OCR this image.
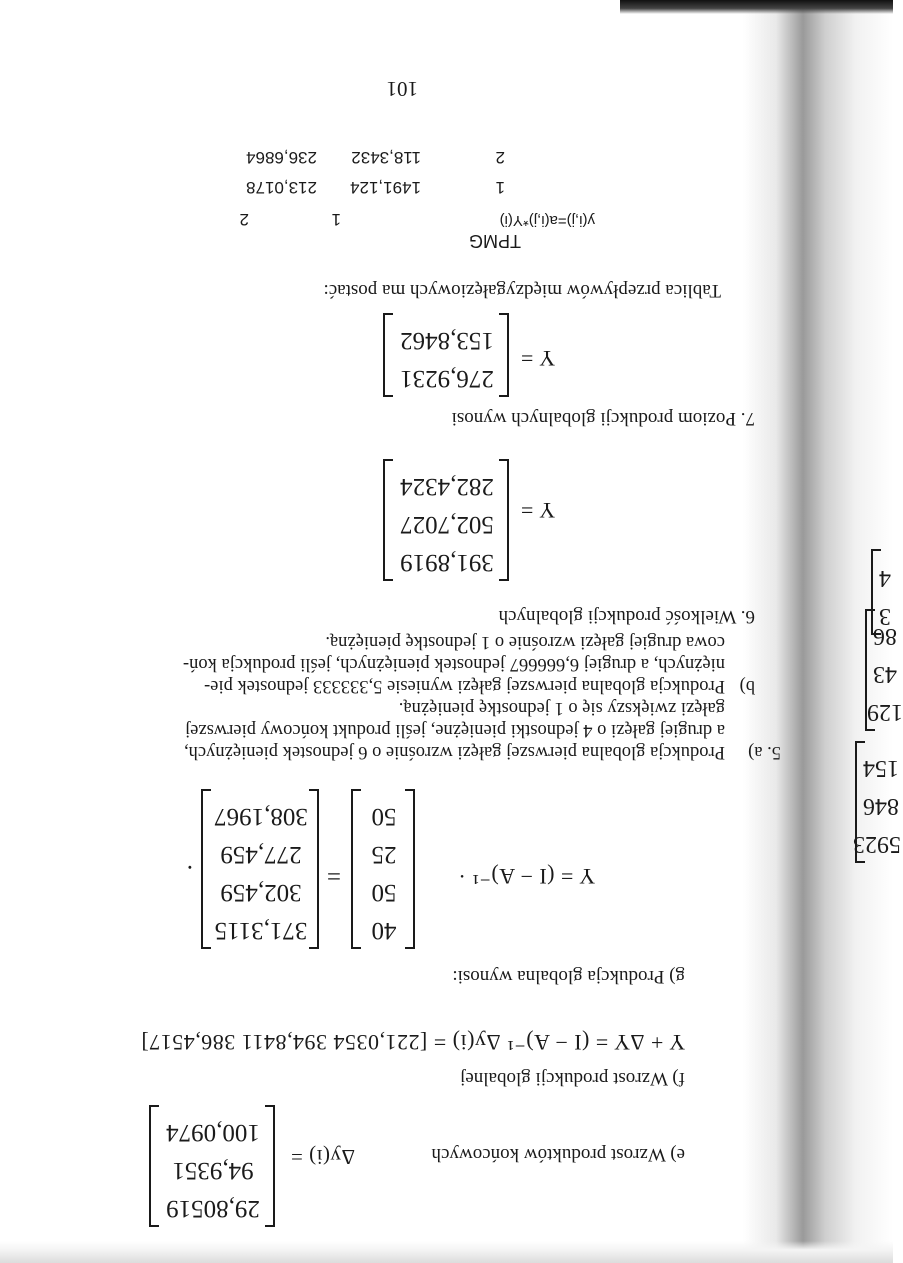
101
e) Wzrost produktów końcowych
Δy(i) =
29,80519
94,9351
100,0974
f) Wzrost produkcji globalnej
Y + ΔY = (I − A)⁻¹ Δy(i) = [221,0354 394,8411 386,4517]
g) Produkcja globalna wynosi:
Y = (I − A)⁻¹ ·
40
50
25
50
=
371,3115
302,459
277,459
308,1967
.
5. a)
Produkcja globalna pierwszej gałęzi wzrośnie o 6 jednostek pieniężnych,
a drugiej gałęzi o 4 jednostki pieniężne, jeśli produkt końcowy pierwszej
gałęzi zwiększy się o 1 jednostkę pieniężną.
b)
Produkcja globalna pierwszej gałęzi wyniesie 5,333333 jednostek pie-
niężnych, a drugiej 6,666667 jednostek pieniężnych, jeśli produkcja koń-
cowa drugiej gałęzi wzrośnie o 1 jednostkę pieniężną.
6. Wielkość produkcji globalnych
Y =
391,8919
502,7027
282,4324
7. Poziom produkcji globalnych wynosi
Y =
276,9231
153,8462
Tablica przepływów międzygałęziowych ma postać:
TPMG
y(i,j)=a(i,j)*Y(i)
1
2
1
1491,124
213,0178
2
118,3432
236,6864
5923
846
154
129
43
86
3
4
